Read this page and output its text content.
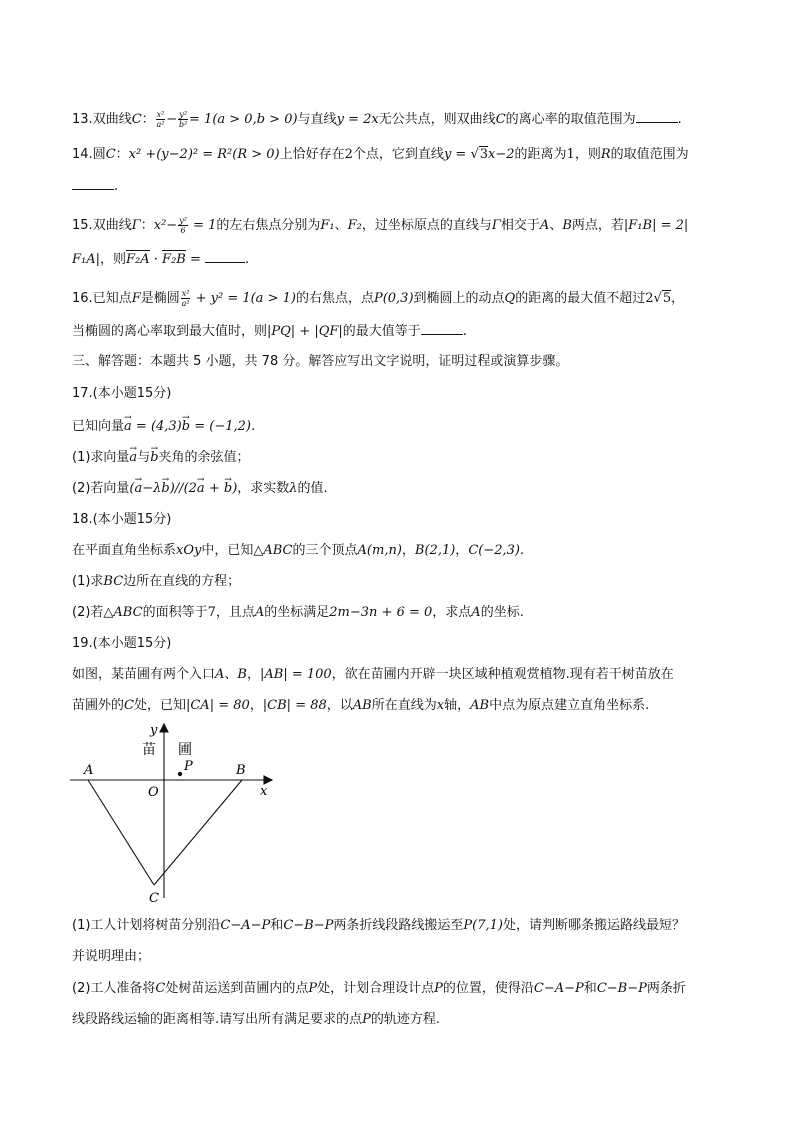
13.双曲线C： $\frac{\text{x²}}{\text{a²}} - \frac{\text{y²}}{\text{b²}} = 1(a > 0,b > 0)$与直线y = 2x无公共点，则双曲线C的离心率的取值范围为	.
14.圆C：x² +(y−2)² = R²(R > 0)上恰好存在2个点，它到直线y = √3x−2的距离为1，则R的取值范围为
.
15.双曲线Γ：$x^2- \frac{\text{y²}}{6} = 1$的左右焦点分别为F₁、F₂，过坐标原点的直线与Γ相交于A、B两点，若|F₁B| = 2|
F₁A|，则F₂A · F₂B =	.
16.已知点F是椭圆 $\frac{\text{x²}}{\text{a²}} + y^2 = 1(a > 1)$的右焦点，点P(0,3)到椭圆上的动点Q的距离的最大值不超过2√5，
当椭圆的离心率取到最大值时，则|PQ| + |QF|的最大值等于	.
三、解答题：本题共 5 小题，共 78 分。解答应写出文字说明，证明过程或演算步骤。
17.(本小题15分)
已知向量→ a = (4,3)→ b = (−1,2).
(1)求向量→ a与→ b夹角的余弦值；
(2)若向量(→ a−λ→ b)//(2→ a + → b)，求实数λ的值.
18.(本小题15分)
在平面直角坐标系xOy中，已知△ABC的三个顶点A(m,n)，B(2,1)，C(−2,3).
(1)求BC边所在直线的方程；
(2)若△ABC的面积等于7，且点A的坐标满足2m−3n + 6 = 0，求点A的坐标.
19.(本小题15分)
如图，某苗圃有两个入口A、B，|AB| = 100，欲在苗圃内开辟一块区域种植观赏植物.现有若干树苗放在
苗圃外的C处，已知|CA| = 80，|CB| = 88，以AB所在直线为x轴，AB中点为原点建立直角坐标系.
y
x
O
A	B
C
P
苗 圃
(1)工人计划将树苗分别沿C−A−P和C−B−P两条折线段路线搬运至P(7,1)处，请判断哪条搬运路线最短？
并说明理由；
(2)工人准备将C处树苗运送到苗圃内的点P处，计划合理设计点P的位置，使得沿C−A−P和C−B−P两条折
线段路线运输的距离相等.请写出所有满足要求的点P的轨迹方程.
